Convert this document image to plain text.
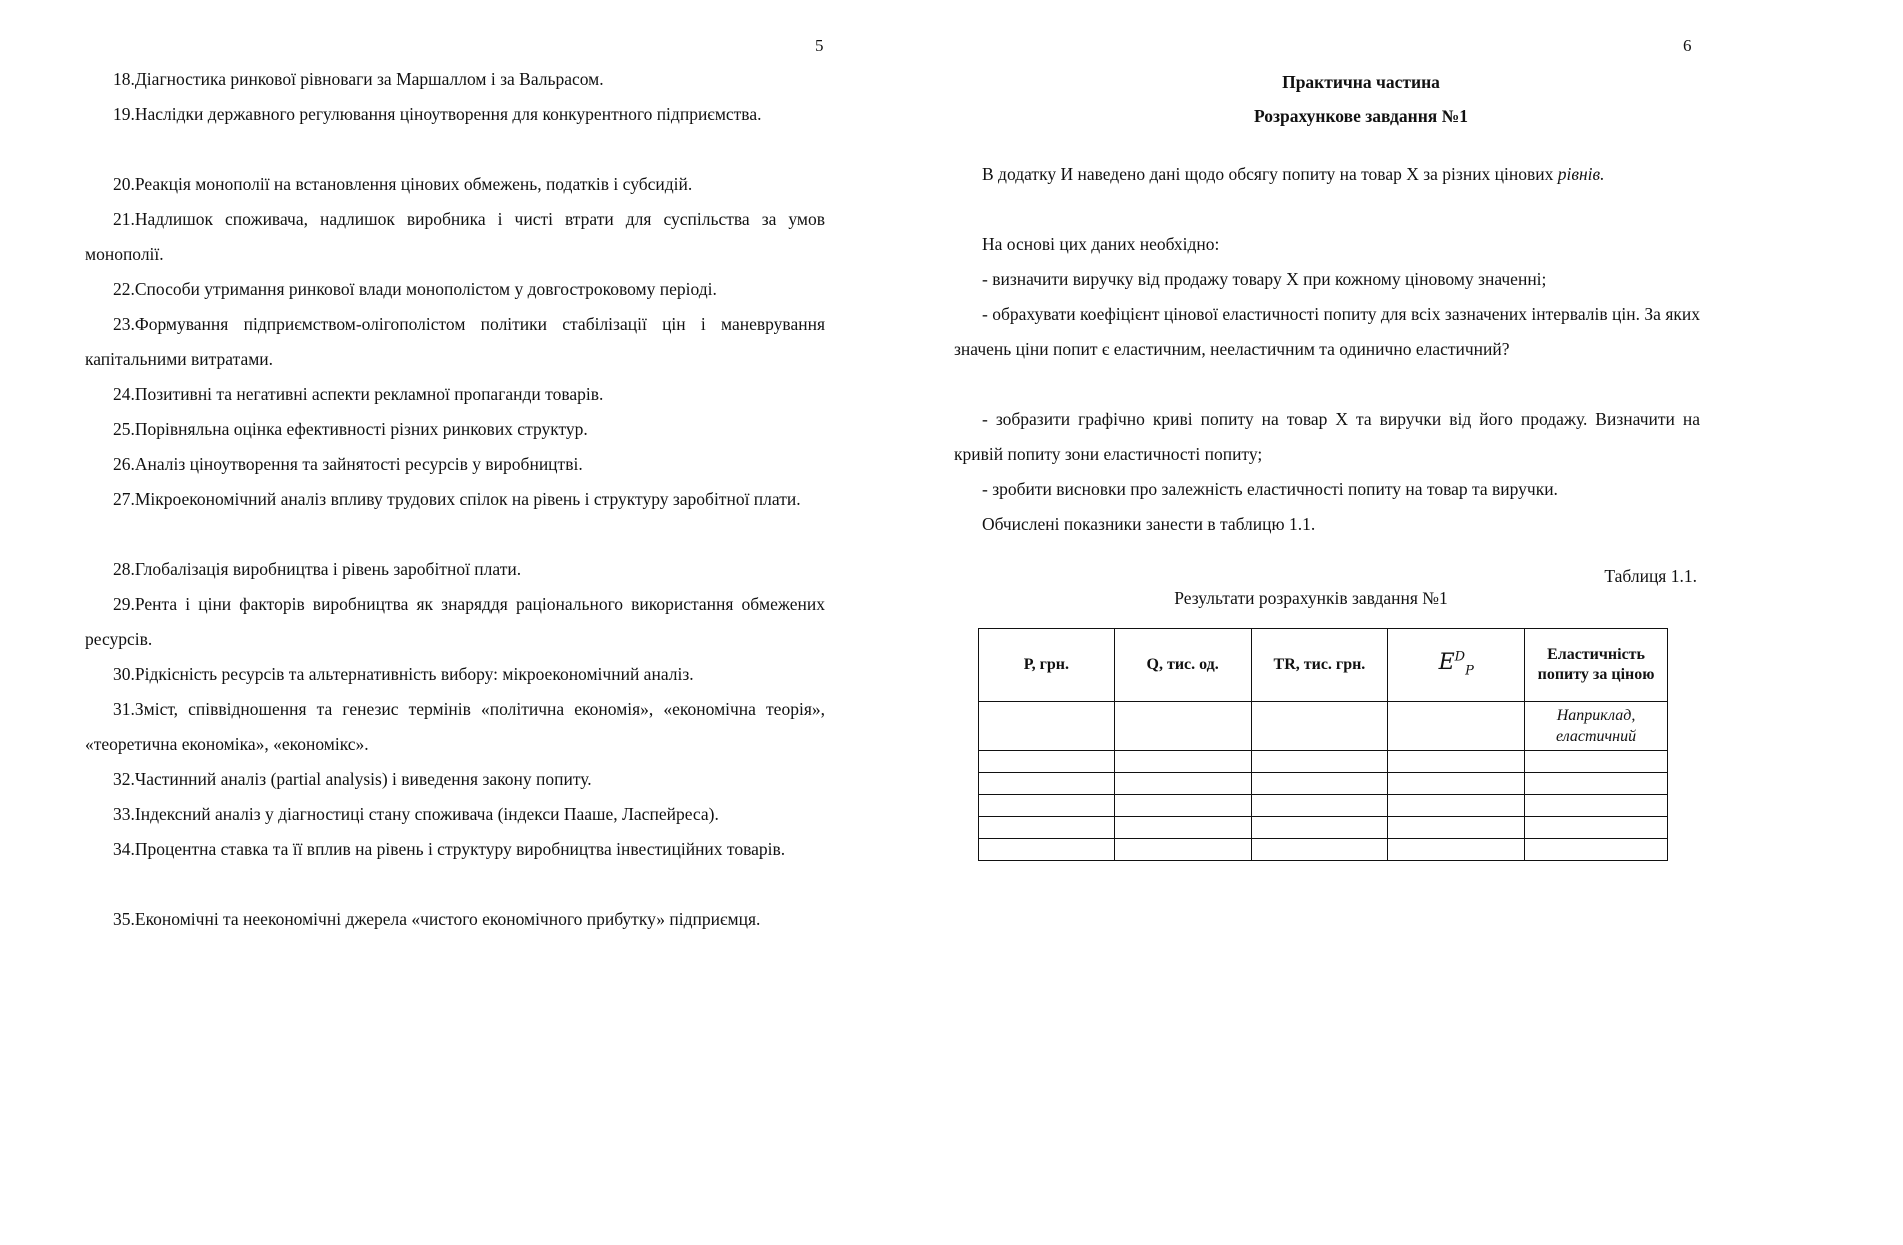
5

18.Діагностика ринкової рівноваги за Маршаллом і за Вальрасом.

19.Наслідки державного регулювання ціноутворення для конкурентного підприємства.

20.Реакція монополії на встановлення цінових обмежень, податків і субсидій.

21.Надлишок споживача, надлишок виробника і чисті втрати для суспільства за умов монополії.

22.Способи утримання ринкової влади монополістом у довгостроковому періоді.

23.Формування підприємством-олігополістом політики стабілізації цін і маневрування капітальними витратами.

24.Позитивні та негативні аспекти рекламної пропаганди товарів.

25.Порівняльна оцінка ефективності різних ринкових структур.

26.Аналіз ціноутворення та зайнятості ресурсів у виробництві.

27.Мікроекономічний аналіз впливу трудових спілок на рівень і структуру заробітної плати.

28.Глобалізація виробництва і рівень заробітної плати.

29.Рента і ціни факторів виробництва як знаряддя раціонального використання обмежених ресурсів.

30.Рідкісність ресурсів та альтернативність вибору: мікроекономічний аналіз.

31.Зміст, співвідношення та генезис термінів «політична економія», «економічна теорія», «теоретична економіка», «економікс».

32.Частинний аналіз (partial analysis) і виведення закону попиту.

33.Індексний аналіз у діагностиці стану споживача (індекси Пааше, Ласпейреса).

34.Процентна ставка та її вплив на рівень і структуру виробництва інвестиційних товарів.

35.Економічні та неекономічні джерела «чистого економічного прибутку» підприємця.

6
Практична частина
Розрахункове завдання №1

В додатку И наведено дані щодо обсягу попиту на товар X за різних цінових рівнів.

На основі цих даних необхідно:

- визначити виручку від продажу товару X при кожному ціновому значенні;

- обрахувати коефіцієнт цінової еластичності попиту для всіх зазначених інтервалів цін. За яких значень ціни попит є еластичним, нееластичним та одинично еластичний?

- зобразити графічно криві попиту на товар X та виручки від його продажу. Визначити на кривій попиту зони еластичності попиту;

- зробити висновки про залежність еластичності попиту на товар та виручки.

Обчислені показники занести в таблицю 1.1.

Таблиця 1.1.
Результати розрахунків завдання №1
Р, грн.	Q, тис. од.	TR, тис. грн.	$E^D_P$	Еластичність попиту за ціною
				Наприклад, еластичний
